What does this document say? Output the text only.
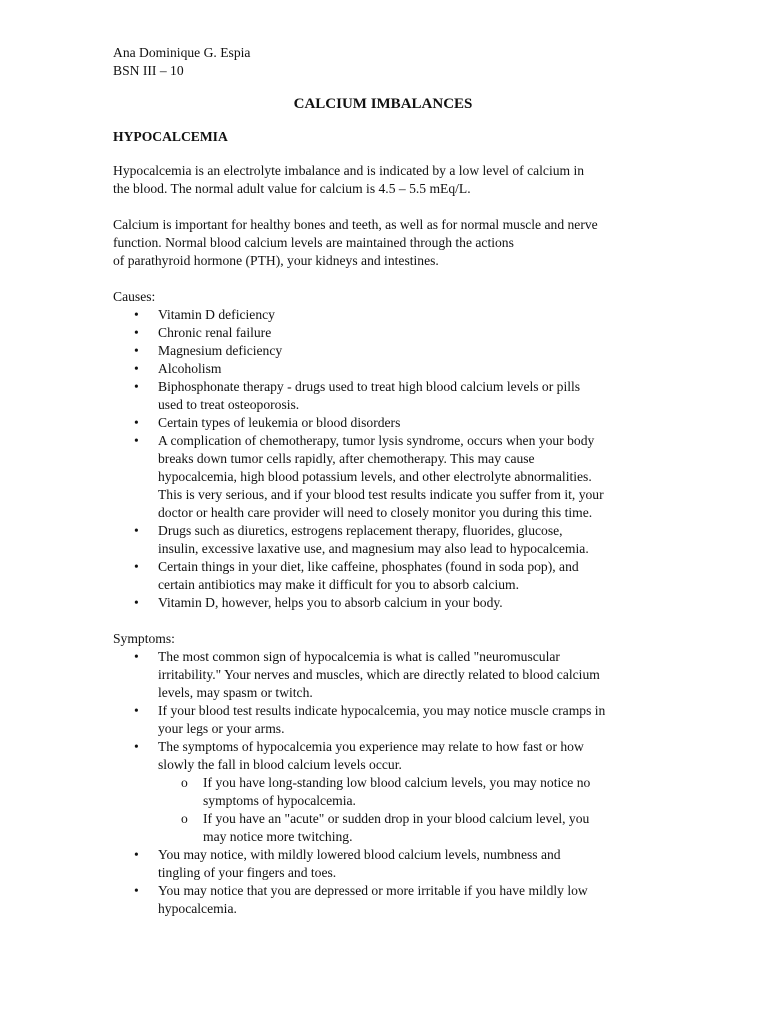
Ana Dominique G. Espia

BSN III – 10

CALCIUM IMBALANCES

HYPOCALCEMIA

Hypocalcemia is an electrolyte imbalance and is indicated by a low level of calcium in
the blood. The normal adult value for calcium is 4.5 – 5.5 mEq/L.

Calcium is important for healthy bones and teeth, as well as for normal muscle and nerve
function. Normal blood calcium levels are maintained through the actions
of parathyroid hormone (PTH), your kidneys and intestines.

Causes:

• Vitamin D deficiency
• Chronic renal failure
• Magnesium deficiency
• Alcoholism
• Biphosphonate therapy - drugs used to treat high blood calcium levels or pills
used to treat osteoporosis.
• Certain types of leukemia or blood disorders
• A complication of chemotherapy, tumor lysis syndrome, occurs when your body
breaks down tumor cells rapidly, after chemotherapy. This may cause
hypocalcemia, high blood potassium levels, and other electrolyte abnormalities.
This is very serious, and if your blood test results indicate you suffer from it, your
doctor or health care provider will need to closely monitor you during this time.
• Drugs such as diuretics, estrogens replacement therapy, fluorides, glucose,
insulin, excessive laxative use, and magnesium may also lead to hypocalcemia.
• Certain things in your diet, like caffeine, phosphates (found in soda pop), and
certain antibiotics may make it difficult for you to absorb calcium.
• Vitamin D, however, helps you to absorb calcium in your body.

Symptoms:

• The most common sign of hypocalcemia is what is called "neuromuscular
irritability." Your nerves and muscles, which are directly related to blood calcium
levels, may spasm or twitch.
• If your blood test results indicate hypocalcemia, you may notice muscle cramps in
your legs or your arms.
• The symptoms of hypocalcemia you experience may relate to how fast or how
slowly the fall in blood calcium levels occur.
o If you have long-standing low blood calcium levels, you may notice no
symptoms of hypocalcemia.
o If you have an "acute" or sudden drop in your blood calcium level, you
may notice more twitching.
• You may notice, with mildly lowered blood calcium levels, numbness and
tingling of your fingers and toes.
• You may notice that you are depressed or more irritable if you have mildly low
hypocalcemia.
